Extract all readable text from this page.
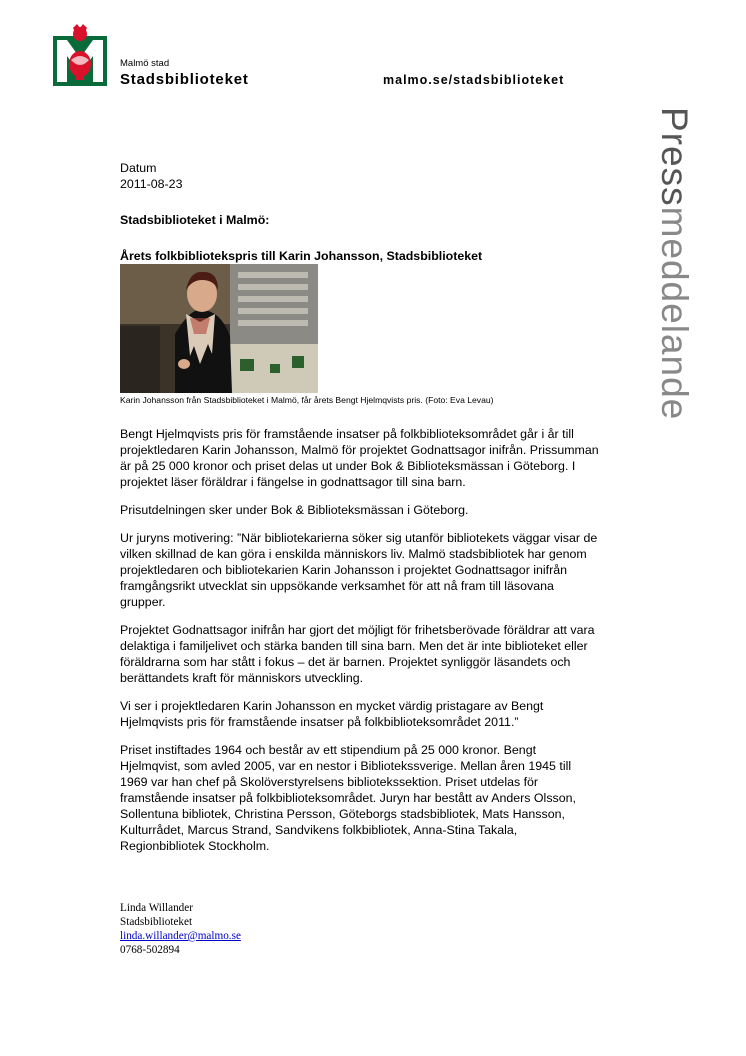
Malmö stad
Stadsbiblioteket	malmo.se/stadsbiblioteket
Pressmeddelande
Datum
2011-08-23
Stadsbiblioteket i Malmö:
Årets folkbibliotekspris till Karin Johansson, Stadsbiblioteket
Karin Johansson från Stadsbiblioteket i Malmö, får årets Bengt Hjelmqvists pris. (Foto: Eva Levau)

Bengt Hjelmqvists pris för framstående insatser på folkbiblioteksområdet går i år till projektledaren Karin Johansson, Malmö för projektet Godnattsagor inifrån. Prissumman är på 25 000 kronor och priset delas ut under Bok & Biblioteksmässan i Göteborg. I projektet läser föräldrar i fängelse in godnattsagor till sina barn.

Prisutdelningen sker under Bok & Biblioteksmässan i Göteborg.

Ur juryns motivering: ”När bibliotekarierna söker sig utanför bibliotekets väggar visar de vilken skillnad de kan göra i enskilda människors liv. Malmö stadsbibliotek har genom projektledaren och bibliotekarien Karin Johansson i projektet Godnattsagor inifrån framgångsrikt utvecklat sin uppsökande verksamhet för att nå fram till läsovana grupper.

Projektet Godnattsagor inifrån har gjort det möjligt för frihetsberövade föräldrar att vara delaktiga i familjelivet och stärka banden till sina barn. Men det är inte biblioteket eller föräldrarna som har stått i fokus – det är barnen. Projektet synliggör läsandets och berättandets kraft för människors utveckling.

Vi ser i projektledaren Karin Johansson en mycket värdig pristagare av Bengt Hjelmqvists pris för framstående insatser på folkbiblioteksområdet 2011.”

Priset instiftades 1964 och består av ett stipendium på 25 000 kronor. Bengt Hjelmqvist, som avled 2005, var en nestor i Bibliotekssverige. Mellan åren 1945 till 1969 var han chef på Skolöverstyrelsens bibliotekssektion. Priset utdelas för framstående insatser på folkbiblioteksområdet. Juryn har bestått av Anders Olsson, Sollentuna bibliotek, Christina Persson, Göteborgs stadsbibliotek, Mats Hansson, Kulturrådet, Marcus Strand, Sandvikens folkbibliotek, Anna-Stina Takala, Regionbibliotek Stockholm.

Linda Willander
Stadsbiblioteket
linda.willander@malmo.se
0768-502894
